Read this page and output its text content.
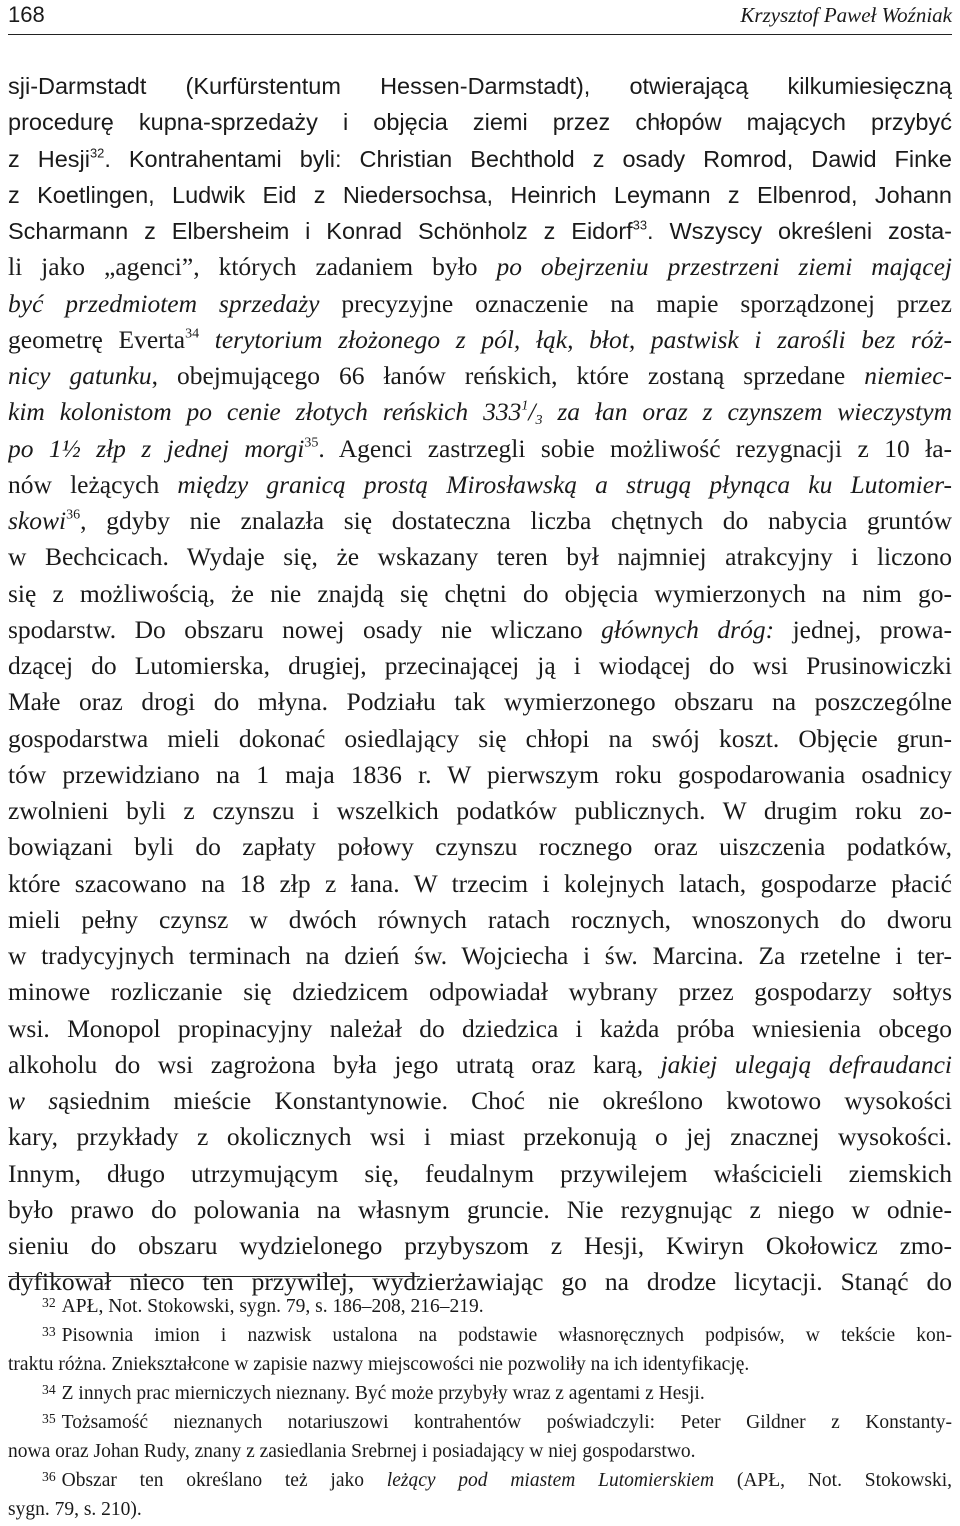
168	Krzysztof Paweł Woźniak
sji-Darmstadt (Kurfürstentum Hessen-Darmstadt), otwierającą kilkumiesięczną
procedurę kupna-sprzedaży i objęcia ziemi przez chłopów mających przybyć
z Hesji$^{32}$. Kontrahentami byli: Christian Bechthold z osady Romrod, Dawid Finke
z Koetlingen, Ludwik Eid z Niedersochsa, Heinrich Leymann z Elbenrod, Johann
Scharmann z Elbersheim i Konrad Schönholz z Eidorf$^{33}$. Wszyscy określeni zosta-
li jako „agenci”, których zadaniem było po obejrzeniu przestrzeni ziemi mającej
być przedmiotem sprzedaży precyzyjne oznaczenie na mapie sporządzonej przez
geometrę Everta$^{34}$ terytorium złożonego z pól, łąk, błot, pastwisk i zarośli bez róż-
nicy gatunku, obejmującego 66 łanów reńskich, które zostaną sprzedane niemiec-
kim kolonistom po cenie złotych reńskich $333^1/_3$ za łan oraz z czynszem wieczystym
po 1½ złp z jednej morgi$^{35}$. Agenci zastrzegli sobie możliwość rezygnacji z 10 ła-
nów leżących między granicą prostą Mirosławską a strugą płynąca ku Lutomier-
skowi$^{36}$, gdyby nie znalazła się dostateczna liczba chętnych do nabycia gruntów
w Bechcicach. Wydaje się, że wskazany teren był najmniej atrakcyjny i liczono
się z możliwością, że nie znajdą się chętni do objęcia wymierzonych na nim go-
spodarstw. Do obszaru nowej osady nie wliczano głównych dróg: jednej, prowa-
dzącej do Lutomierska, drugiej, przecinającej ją i wiodącej do wsi Prusinowiczki
Małe oraz drogi do młyna. Podziału tak wymierzonego obszaru na poszczególne
gospodarstwa mieli dokonać osiedlający się chłopi na swój koszt. Objęcie grun-
tów przewidziano na 1 maja 1836 r. W pierwszym roku gospodarowania osadnicy
zwolnieni byli z czynszu i wszelkich podatków publicznych. W drugim roku zo-
bowiązani byli do zapłaty połowy czynszu rocznego oraz uiszczenia podatków,
które szacowano na 18 złp z łana. W trzecim i kolejnych latach, gospodarze płacić
mieli pełny czynsz w dwóch równych ratach rocznych, wnoszonych do dworu
w tradycyjnych terminach na dzień św. Wojciecha i św. Marcina. Za rzetelne i ter-
minowe rozliczanie się dziedzicem odpowiadał wybrany przez gospodarzy sołtys
wsi. Monopol propinacyjny należał do dziedzica i każda próba wniesienia obcego
alkoholu do wsi zagrożona była jego utratą oraz karą, jakiej ulegają defraudanci
w sąsiednim mieście Konstantynowie. Choć nie określono kwotowo wysokości
kary, przykłady z okolicznych wsi i miast przekonują o jej znacznej wysokości.
Innym, długo utrzymującym się, feudalnym przywilejem właścicieli ziemskich
było prawo do polowania na własnym gruncie. Nie rezygnując z niego w odnie-
sieniu do obszaru wydzielonego przybyszom z Hesji, Kwiryn Okołowicz zmo-
dyfikował nieco ten przywilej, wydzierżawiając go na drodze licytacji. Stanąć do
$^{32}$ APŁ, Not. Stokowski, sygn. 79, s. 186–208, 216–219.
$^{33}$ Pisownia imion i nazwisk ustalona na podstawie własnoręcznych podpisów, w tekście kon-
traktu różna. Zniekształcone w zapisie nazwy miejscowości nie pozwoliły na ich identyfikację.
$^{34}$ Z innych prac mierniczych nieznany. Być może przybyły wraz z agentami z Hesji.
$^{35}$ Tożsamość nieznanych notariuszowi kontrahentów poświadczyli: Peter Gildner z Konstanty-
nowa oraz Johan Rudy, znany z zasiedlania Srebrnej i posiadający w niej gospodarstwo.
$^{36}$ Obszar ten określano też jako leżący pod miastem Lutomierskiem (APŁ, Not. Stokowski,
sygn. 79, s. 210).
